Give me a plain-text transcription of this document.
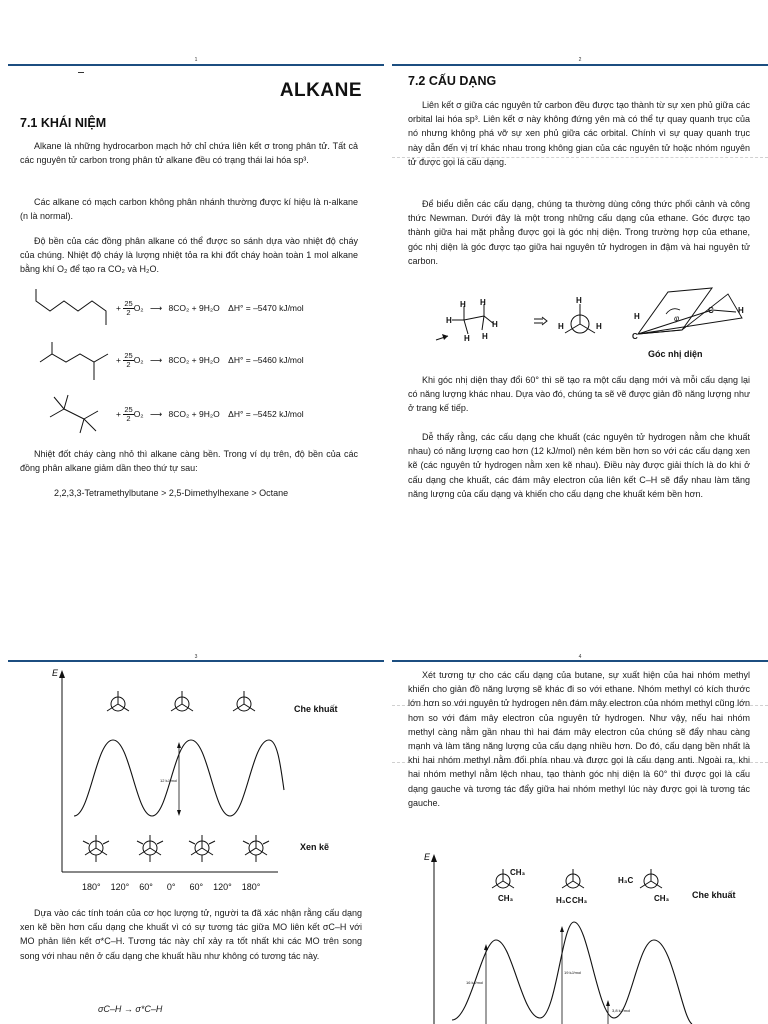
1
ALKANE
7.1 KHÁI NIỆM
Alkane là những hydrocarbon mạch hở chỉ chứa liên kết σ trong phân tử. Tất cả các nguyên tử carbon trong phân tử alkane đều có trạng thái lai hóa sp³.
Các alkane có mạch carbon không phân nhánh thường được kí hiệu là n-alkane (n là normal).
Độ bền của các đồng phân alkane có thể được so sánh dựa vào nhiệt độ cháy của chúng. Nhiệt độ cháy là lượng nhiệt tỏa ra khi đốt cháy hoàn toàn 1 mol alkane bằng khí O₂ để tạo ra CO₂ và H₂O.
+ $\frac{25}{2} O_2$ ⟶ 8CO₂ + 9H₂O ΔH° = –5470 kJ/mol
+ $\frac{25}{2} O_2$ ⟶ 8CO₂ + 9H₂O ΔH° = –5460 kJ/mol
+ $\frac{25}{2} O_2$ ⟶ 8CO₂ + 9H₂O ΔH° = –5452 kJ/mol
Nhiệt đốt cháy càng nhỏ thì alkane càng bền. Trong ví dụ trên, độ bền của các đồng phân alkane giảm dần theo thứ tự sau:
2,2,3,3-Tetramethylbutane > 2,5-Dimethylhexane > Octane
2
7.2 CẤU DẠNG
Liên kết σ giữa các nguyên tử carbon đều được tạo thành từ sự xen phủ giữa các orbital lai hóa sp³. Liên kết σ này không đứng yên mà có thể tự quay quanh trục của nó nhưng không phá vỡ sự xen phủ giữa các orbital. Chính vì sự quay quanh trục này dẫn đến vị trí khác nhau trong không gian của các nguyên tử hoặc nhóm nguyên tử được gọi là cấu dạng.
Để biểu diễn các cấu dạng, chúng ta thường dùng công thức phối cảnh và công thức Newman. Dưới đây là một trong những cấu dạng của ethane. Góc được tạo thành giữa hai mặt phẳng được gọi là góc nhị diện. Trong trường hợp của ethane, góc nhị diện là góc được tạo giữa hai nguyên tử hydrogen in đậm và hai nguyên tử carbon.
H
H
H
H
H H
H
H	H
H
C
C	H
φ
Góc nhị diện
Khi góc nhị diện thay đổi 60° thì sẽ tạo ra một cấu dạng mới và mỗi cấu dạng lại có năng lượng khác nhau. Dựa vào đó, chúng ta sẽ vẽ được giản đồ năng lượng như ở trang kế tiếp.
Dễ thấy rằng, các cấu dạng che khuất (các nguyên tử hydrogen nằm che khuất nhau) có năng lượng cao hơn (12 kJ/mol) nên kém bền hơn so với các cấu dạng xen kẽ (các nguyên tử hydrogen nằm xen kẽ nhau). Điều này được giải thích là do khi ở cấu dạng che khuất, các đám mây electron của liên kết C–H sẽ đẩy nhau làm tăng năng lượng của cấu dạng và khiến cho cấu dạng che khuất kém bền hơn.
3
E
12 kJ/mol
Che khuất
Xen kẽ
180° 120° 60° 0° 60° 120° 180°
Dựa vào các tính toán của cơ học lượng tử, người ta đã xác nhận rằng cấu dạng xen kẽ bền hơn cấu dạng che khuất vì có sự tương tác giữa MO liên kết σC–H với MO phản liên kết σ*C–H. Tương tác này chỉ xảy ra tốt nhất khi các MO trên song song với nhau nên ở cấu dạng che khuất hầu như không có tương tác này.
σC–H → σ*C–H
4
Xét tương tự cho các cấu dạng của butane, sự xuất hiện của hai nhóm methyl khiến cho giản đồ năng lượng sẽ khác đi so với ethane. Nhóm methyl có kích thước lớn hơn so với nguyên tử hydrogen nên đám mây electron của nhóm methyl cũng lớn hơn so với đám mây electron của nguyên tử hydrogen. Như vậy, nếu hai nhóm methyl càng nằm gần nhau thì hai đám mây electron của chúng sẽ đẩy nhau càng mạnh và làm tăng năng lượng của cấu dạng nhiều hơn. Do đó, cấu dạng bền nhất là khi hai nhóm methyl nằm đối phía nhau và được gọi là cấu dạng anti. Ngoài ra, khi hai nhóm methyl nằm lệch nhau, tạo thành góc nhị diện là 60° thì được gọi là cấu dạng gauche và tương tác đẩy giữa hai nhóm methyl lúc này được gọi là tương tác gauche.
E
16 kJ/mol
19 kJ/mol
3,8 kJ/mol
CH₃
CH₃	H₃C CH₃
H₃C
CH₃	Che khuất
